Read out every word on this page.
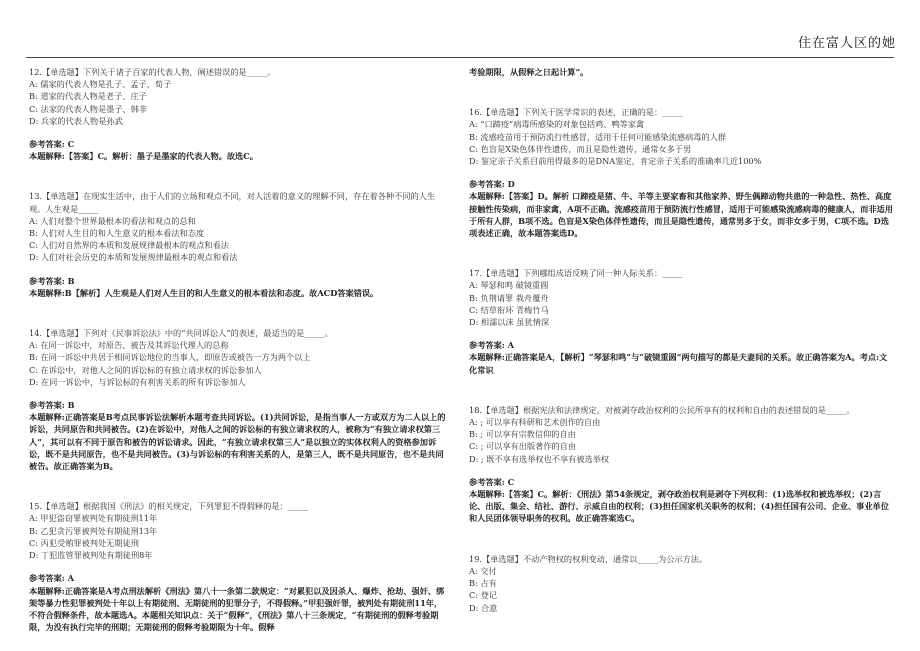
住在富人区的她

12.【单选题】下列关于诸子百家的代表人物，阐述错误的是_____。

A: 儒家的代表人物是孔子、孟子、荀子

B: 道家的代表人物是老子、庄子

C: 法家的代表人物是墨子、韩非

D: 兵家的代表人物是孙武

参考答案: C

本题解释:【答案】C。解析：墨子是墨家的代表人物。故选C。

13.【单选题】在现实生活中，由于人们的立场和观点不同，对人活着的意义的理解不同，存在着各种不同的人生观。人生观是_____

A: 人们对整个世界最根本的看法和观点的总和

B: 人们对人生目的和人生意义的根本看法和态度

C: 人们对自然界的本质和发展规律最根本的观点和看法

D: 人们对社会历史的本质和发展规律最根本的观点和看法

参考答案: B

本题解释:B【解析】人生观是人们对人生目的和人生意义的根本看法和态度。故ACD答案错误。

14.【单选题】下列对《民事诉讼法》中的“共同诉讼人”的表述，最适当的是_____。

A: 在同一诉讼中，对原告、被告及其诉讼代理人的总称

B: 在同一诉讼中共居于相同诉讼地位的当事人，即原告或被告一方为两个以上

C: 在诉讼中，对他人之间的诉讼标的有独立请求权的诉讼参加人

D: 在同一诉讼中，与诉讼标的有利害关系的所有诉讼参加人

参考答案: B

本题解释:正确答案是B考点民事诉讼法解析本题考查共同诉讼。(1)共同诉讼，是指当事人一方或双方为二人以上的诉讼，共同原告和共同被告。(2)在诉讼中，对他人之间的诉讼标的有独立请求权的人，被称为“有独立请求权第三人”，其可以有不同于原告和被告的诉讼请求。因此，“有独立请求权第三人”是以独立的实体权利人的资格参加诉讼，既不是共同原告，也不是共同被告。(3)与诉讼标的有利害关系的人，是第三人，既不是共同原告，也不是共同被告。故正确答案为B。

15.【单选题】根据我国《刑法》的相关规定，下列罪犯不得假释的是：_____

A: 甲犯盗窃罪被判处有期徒刑11年

B: 乙犯贪污罪被判处有期徒刑13年

C: 丙犯受贿罪被判处无期徒刑

D: 丁犯监管罪被判处有期徒刑8年

参考答案: A

本题解释:正确答案是A考点刑法解析《刑法》第八十一条第二款规定：“对累犯以及因杀人、爆炸、抢劫、强奸、绑架等暴力性犯罪被判处十年以上有期徒刑、无期徒刑的犯罪分子，不得假释。”甲犯强奸罪，被判处有期徒刑11年，不符合假释条件，故本题选A。本题相关知识点：关于“假释”，《刑法》第八十三条规定，“有期徒刑的假释考验期限，为没有执行完毕的刑期；无期徒刑的假释考验期限为十年。假释

考验期限，从假释之日起计算”。

16.【单选题】下列关于医学常识的表述，正确的是：_____

A: “口蹄疫”病毒所感染的对象包括鸡、鸭等家禽

B: 流感疫苗用于预防流行性感冒，适用于任何可能感染流感病毒的人群

C: 色盲是X染色体伴性遗传，而且是隐性遗传，通常女多于男

D: 鉴定亲子关系目前用得最多的是DNA鉴定，肯定亲子关系的准确率几近100%

参考答案: D

本题解释:【答案】D。解析 口蹄疫是猪、牛、羊等主要家畜和其他家养、野生偶蹄动物共患的一种急性、热性、高度接触性传染病，而非家禽，A项不正确。流感疫苗用于预防流行性感冒，适用于可能感染流感病毒的健康人，而非适用于所有人群，B项不选。色盲是X染色体伴性遗传，而且是隐性遗传，通常男多于女，而非女多于男，C项不选。D选项表述正确，故本题答案选D。

17.【单选题】下列哪组成语反映了同一种人际关系：_____

A: 琴瑟和鸣 破镜重圆

B: 负荆请罪 栽舟覆舟

C: 结草衔环 青梅竹马

D: 相濡以沫 虽犹情深

参考答案: A

本题解释:正确答案是A，【解析】“琴瑟和鸣”与“破镜重圆”两句描写的都是夫妻间的关系。故正确答案为A。考点:文化常识

18.【单选题】根据宪法和法律规定，对被剥夺政治权利的公民所享有的权利和自由的表述错误的是_____。

A: ; 可以享有科研和艺术创作的自由

B: ; 可以享有宗教信仰的自由

C: ; 可以享有出版著作的自由

D: ; 既不享有选举权也不享有被选举权

参考答案: C

本题解释:【答案】C。解析：《刑法》第54条规定，剥夺政治权利是剥夺下列权利：(1)选举权和被选举权；(2)言论、出版、集会、结社、游行、示威自由的权利；(3)担任国家机关职务的权利；(4)担任国有公司、企业、事业单位和人民团体领导职务的权利。故正确答案选C。

19.【单选题】不动产物权的权利变动，通常以_____为公示方法。

A: 交付

B: 占有

C: 登记

D: 合意
